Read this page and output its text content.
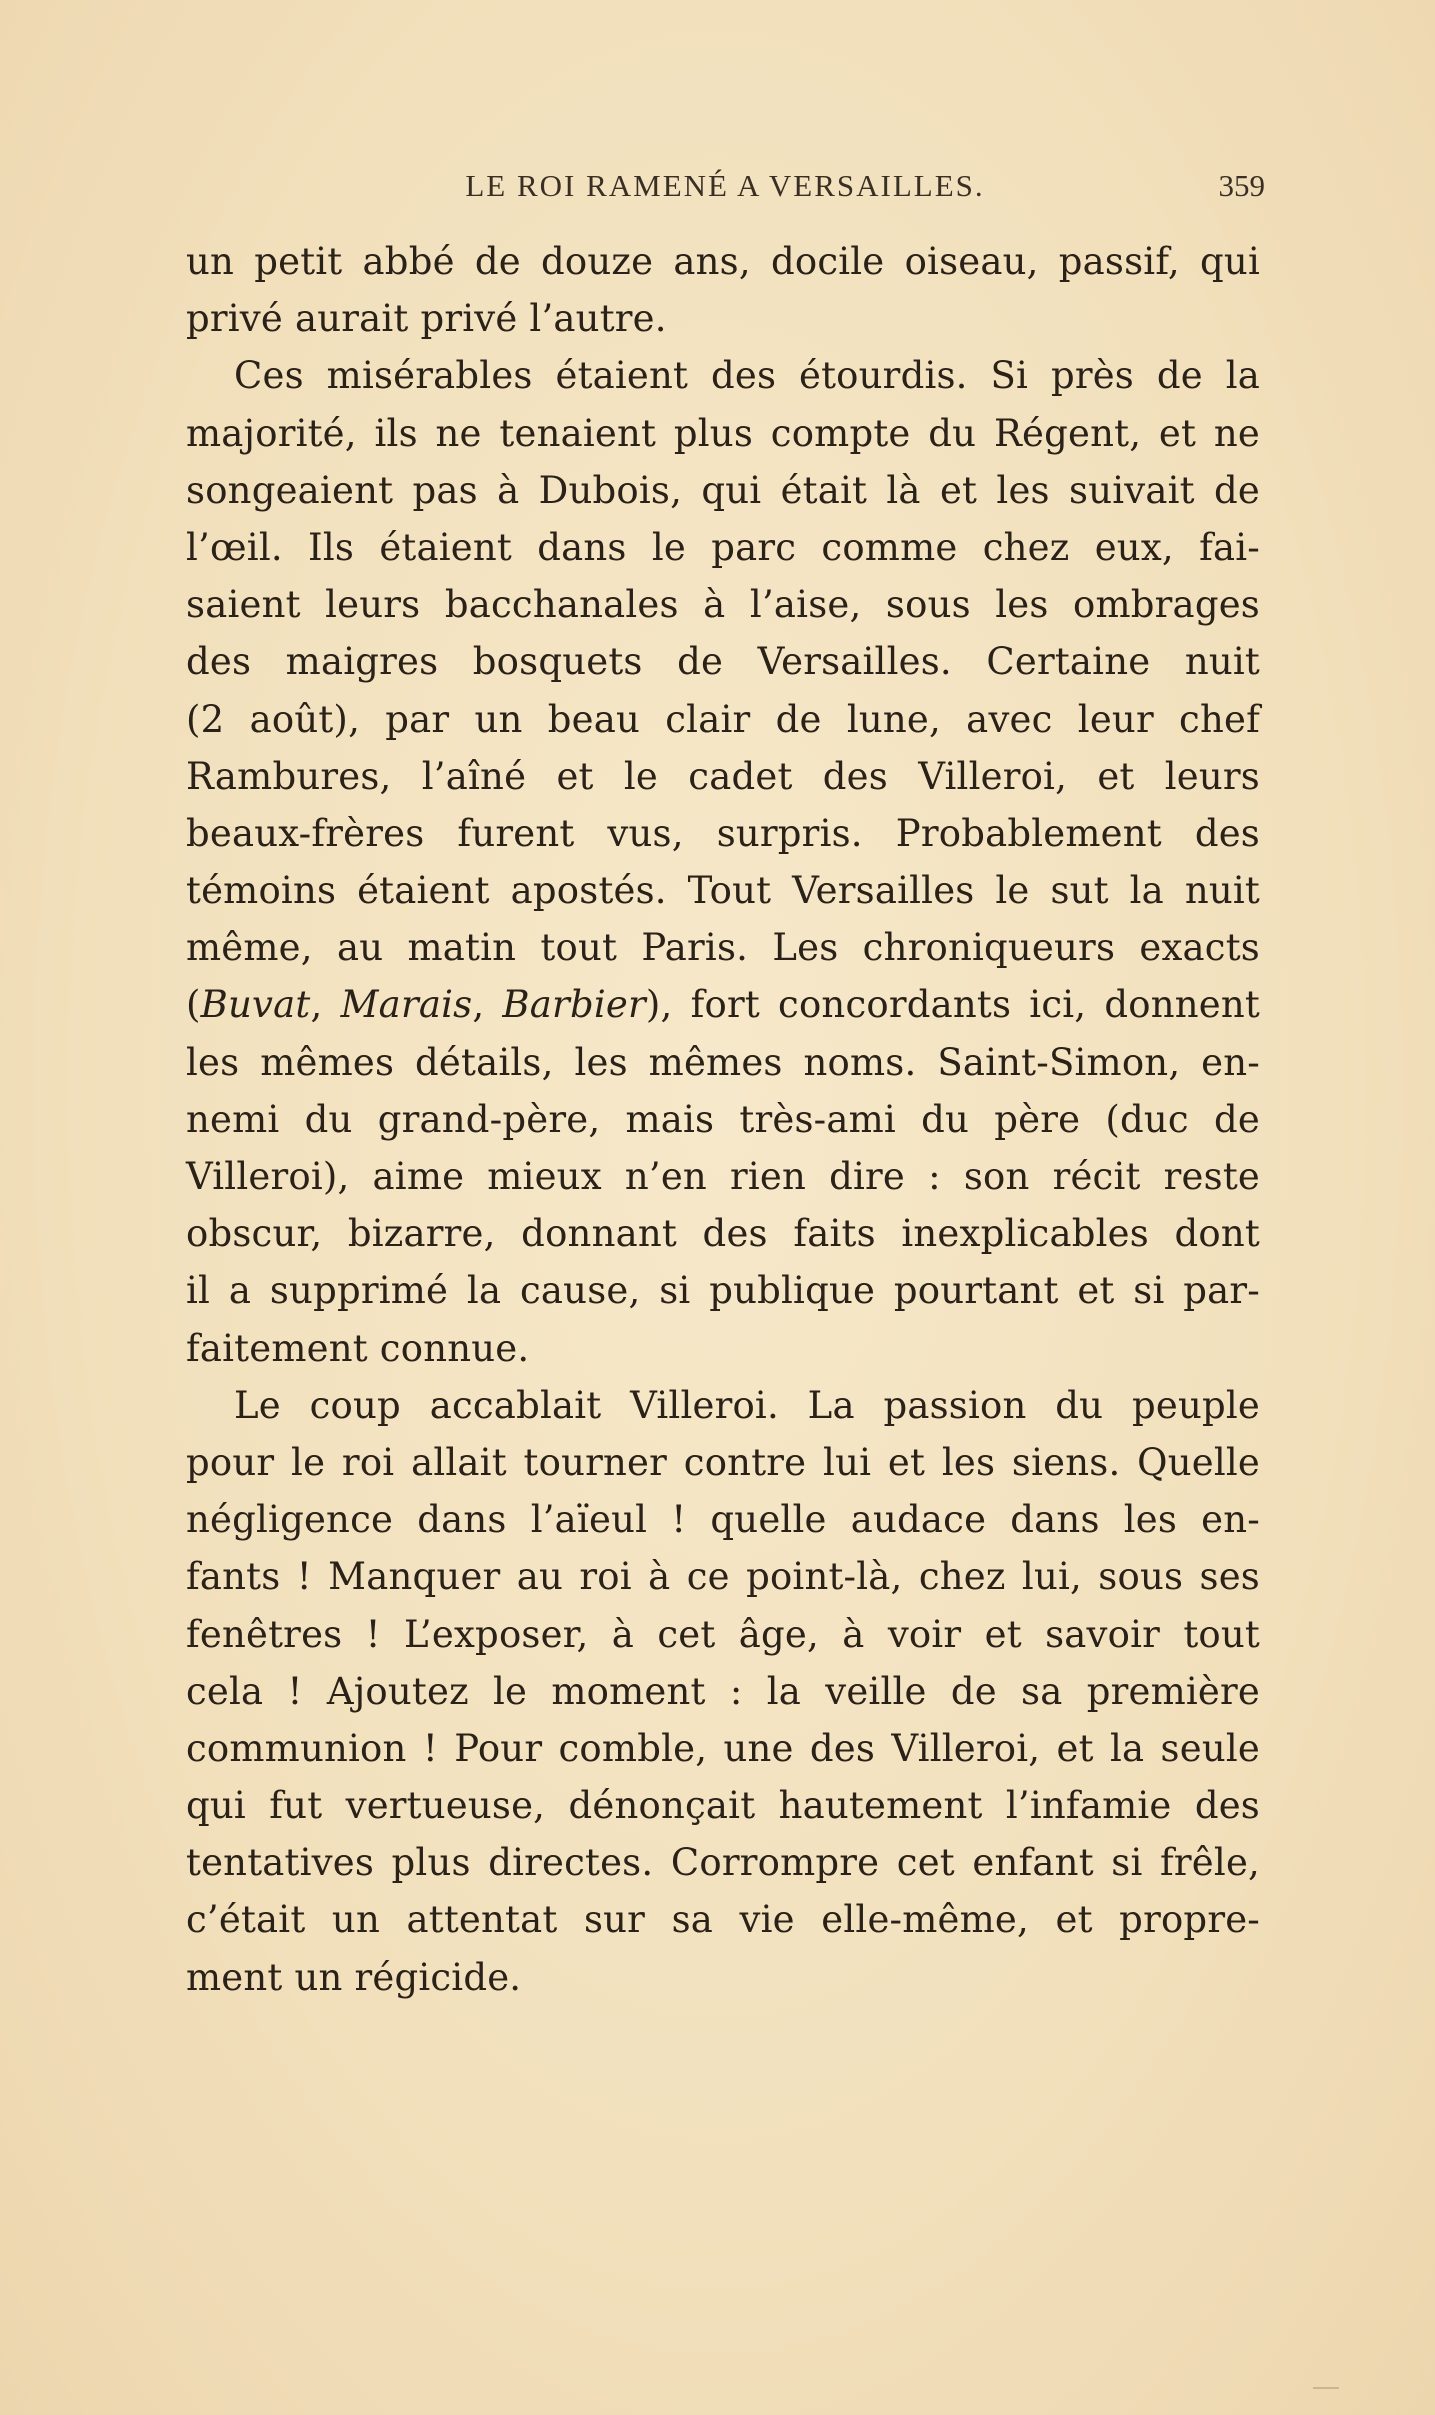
LE ROI RAMENÉ A VERSAILLES.	359
un petit abbé de douze ans, docile oiseau, passif, qui
privé aurait privé l’autre.
Ces misérables étaient des étourdis. Si près de la
majorité, ils ne tenaient plus compte du Régent, et ne
songeaient pas à Dubois, qui était là et les suivait de
l’œil. Ils étaient dans le parc comme chez eux, fai-
saient leurs bacchanales à l’aise, sous les ombrages
des maigres bosquets de Versailles. Certaine nuit
(2 août), par un beau clair de lune, avec leur chef
Rambures, l’aîné et le cadet des Villeroi, et leurs
beaux-frères furent vus, surpris. Probablement des
témoins étaient apostés. Tout Versailles le sut la nuit
même, au matin tout Paris. Les chroniqueurs exacts
(Buvat, Marais, Barbier), fort concordants ici, donnent
les mêmes détails, les mêmes noms. Saint-Simon, en-
nemi du grand-père, mais très-ami du père (duc de
Villeroi), aime mieux n’en rien dire : son récit reste
obscur, bizarre, donnant des faits inexplicables dont
il a supprimé la cause, si publique pourtant et si par-
faitement connue.
Le coup accablait Villeroi. La passion du peuple
pour le roi allait tourner contre lui et les siens. Quelle
négligence dans l’aïeul ! quelle audace dans les en-
fants ! Manquer au roi à ce point-là, chez lui, sous ses
fenêtres ! L’exposer, à cet âge, à voir et savoir tout
cela ! Ajoutez le moment : la veille de sa première
communion ! Pour comble, une des Villeroi, et la seule
qui fut vertueuse, dénonçait hautement l’infamie des
tentatives plus directes. Corrompre cet enfant si frêle,
c’était un attentat sur sa vie elle-même, et propre-
ment un régicide.
